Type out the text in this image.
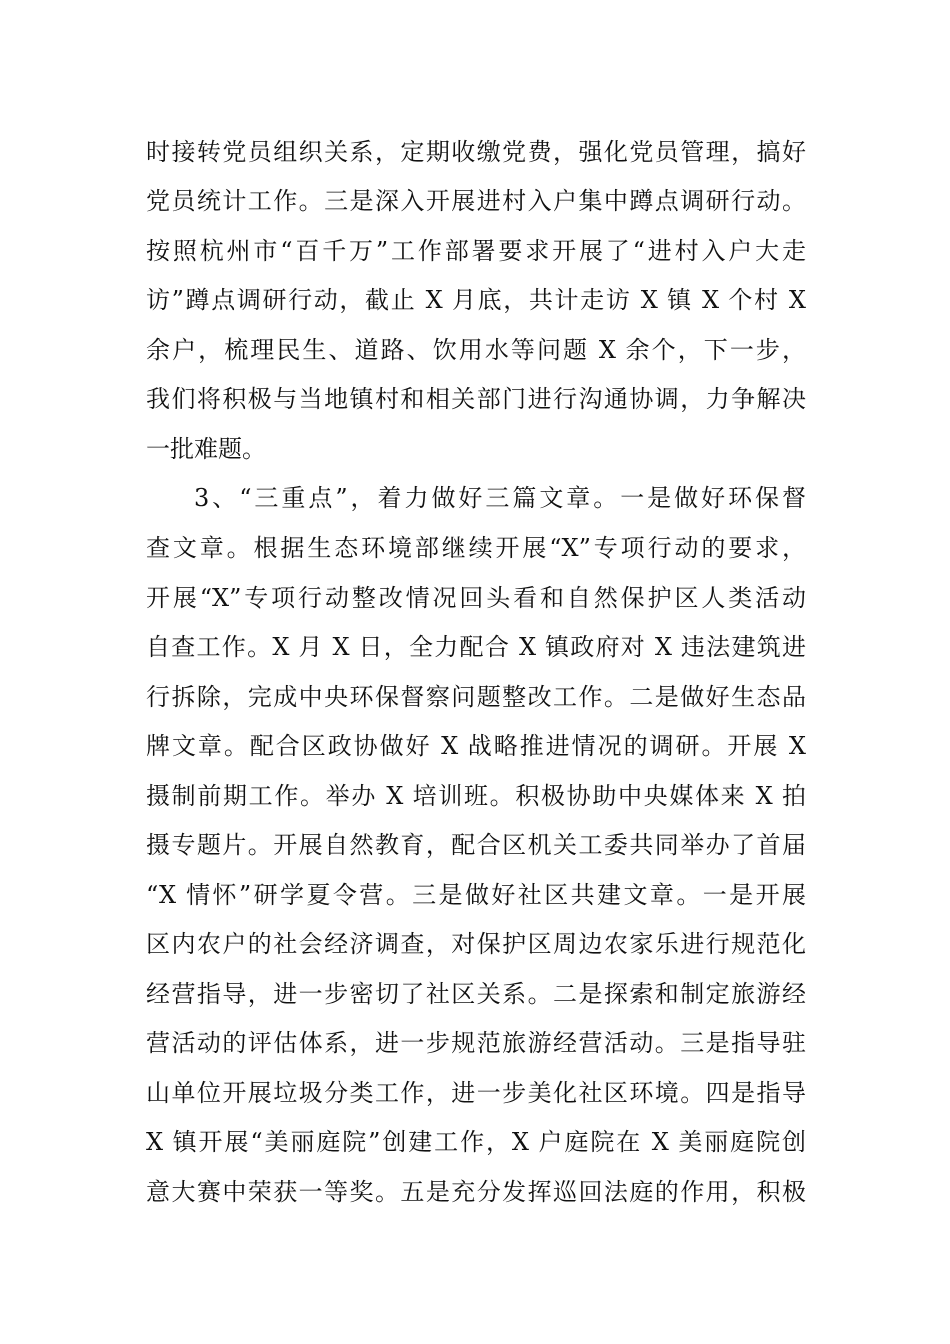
时接转党员组织关系，定期收缴党费，强化党员管理，搞好
党员统计工作。三是深入开展进村入户集中蹲点调研行动。
按照杭州市“百千万”工作部署要求开展了“进村入户大走
访”蹲点调研行动，截止 X 月底，共计走访 X 镇 X 个村 X
余户，梳理民生、道路、饮用水等问题 X 余个，下一步，
我们将积极与当地镇村和相关部门进行沟通协调，力争解决
一批难题。
3、“三重点”，着力做好三篇文章。一是做好环保督
查文章。根据生态环境部继续开展“X”专项行动的要求，
开展“X”专项行动整改情况回头看和自然保护区人类活动
自查工作。X 月 X 日，全力配合 X 镇政府对 X 违法建筑进
行拆除，完成中央环保督察问题整改工作。二是做好生态品
牌文章。配合区政协做好 X 战略推进情况的调研。开展 X
摄制前期工作。举办 X 培训班。积极协助中央媒体来 X 拍
摄专题片。开展自然教育，配合区机关工委共同举办了首届
“X 情怀”研学夏令营。三是做好社区共建文章。一是开展
区内农户的社会经济调查，对保护区周边农家乐进行规范化
经营指导，进一步密切了社区关系。二是探索和制定旅游经
营活动的评估体系，进一步规范旅游经营活动。三是指导驻
山单位开展垃圾分类工作，进一步美化社区环境。四是指导
X 镇开展“美丽庭院”创建工作，X 户庭院在 X 美丽庭院创
意大赛中荣获一等奖。五是充分发挥巡回法庭的作用，积极
